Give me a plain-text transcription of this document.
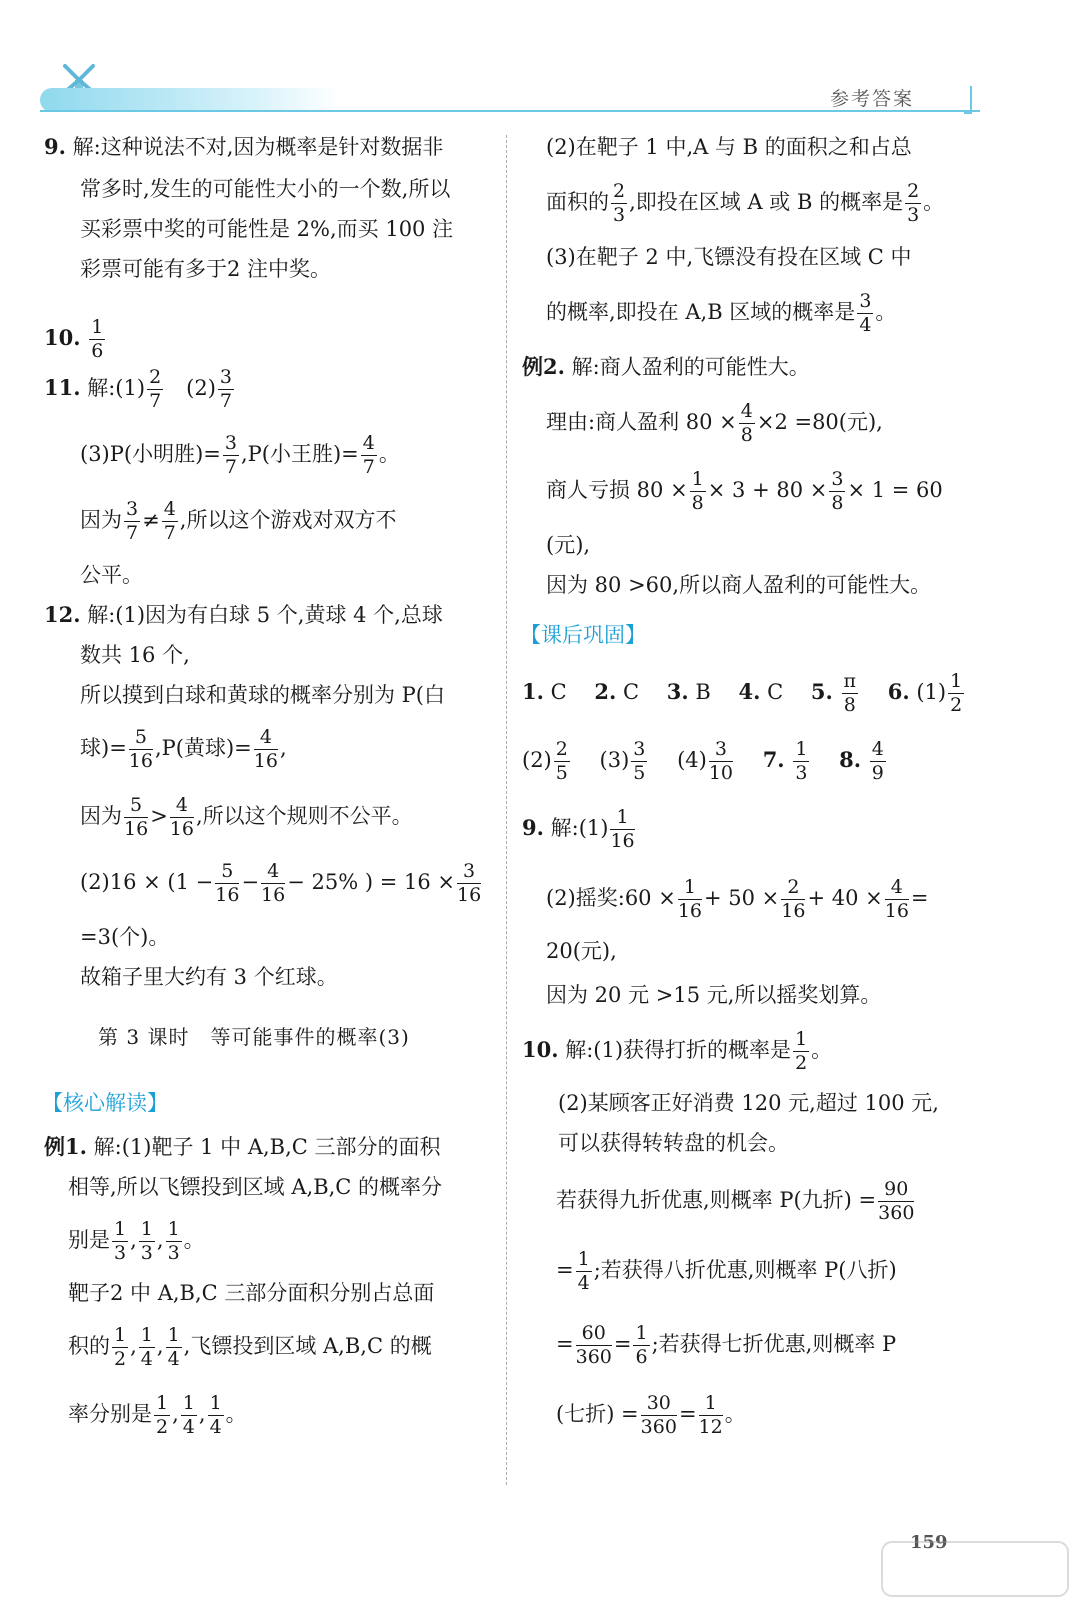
参考答案
9. 解:这种说法不对,因为概率是针对数据非
常多时,发生的可能性大小的一个数,所以
买彩票中奖的可能性是 2%,而买 100 注
彩票可能有多于2 注中奖。
10. $\frac{1}{6}$
11. 解:(1) $\frac{2}{7}$
　 $(2) \frac{3}{7}$
(3)P(小明胜)= $\frac{3}{7} ,P$(小王胜)= $\frac{4}{7}$ 。
因为 $\frac{3}{7} \ne \frac{4}{7}$ ,所以这个游戏对双方不
公平。
12. 解:(1)因为有白球 5 个,黄球 4 个,总球
数共 16 个,
所以摸到白球和黄球的概率分别为 P(白
球)= $\frac{5}{16} ,P$(黄球)= $\frac{4}{16}$ ,
因为 $\frac{5}{16} > \frac{4}{16}$ ,所以这个规则不公平。
$(2)16 \times (1 - \frac{5}{16} - \frac{4}{16} - 25\%$ ) = $16 \times \frac{3}{16}$
=3(个)。
故箱子里大约有 3 个红球。
第 3 课时　等可能事件的概率(3)
【核心解读】
例1. 解:(1)靶子 1 中 A,B,C 三部分的面积
相等,所以飞镖投到区域 A,B,C 的概率分
别是 $\frac{1}{3}$ , $\frac{1}{3}$ , $\frac{1}{3}$ 。
靶子2 中 A,B,C 三部分面积分别占总面
积的 $\frac{1}{2}$ , $\frac{1}{4}$ , $\frac{1}{4}$ ,飞镖投到区域 A,B,C 的概
率分别是 $\frac{1}{2}$ , $\frac{1}{4}$ , $\frac{1}{4}$ 。
(2)在靶子 1 中,A 与 B 的面积之和占总
面积的 $\frac{2}{3}$ ,即投在区域 A 或 B 的概率是 $\frac{2}{3}$ 。
(3)在靶子 2 中,飞镖没有投在区域 C 中
的概率,即投在 A,B 区域的概率是 $\frac{3}{4}$ 。
例2. 解:商人盈利的可能性大。
理由:商人盈利 $80 \times \frac{4}{8} \times 2 =80$(元),
商人亏损 $80 \times \frac{1}{8} \times 3 + 80 \times \frac{3}{8} \times 1 = 60$
(元),
因为 80 >60,所以商人盈利的可能性大。
【课后巩固】
1. C　 2. C　 3. B　 4. C　 5. $\frac{\pi}{8}$
　 6. $(1) \frac{1}{2}$
$(2) \frac{2}{5}$
　 $(3) \frac{3}{5}$
　 $(4) \frac{3}{10}$
　 7. $\frac{1}{3}$
　 8. $\frac{4}{9}$
9. 解:(1) $\frac{1}{16}$
(2)摇奖:60 × $\frac{1}{16} + 50 \times \frac{2}{16} + 40 \times \frac{4}{16}$ =
20(元),
因为 20 元 >15 元,所以摇奖划算。
10. 解:(1)获得打折的概率是 $\frac{1}{2}$ 。
(2)某顾客正好消费 120 元,超过 100 元,
可以获得转转盘的机会。
若获得九折优惠,则概率 P(九折) = $\frac{90}{360}$
= $\frac{1}{4}$ ;若获得八折优惠,则概率 P(八折)
= $\frac{60}{360} = \frac{1}{6}$ ;若获得七折优惠,则概率 P
(七折) = $\frac{30}{360} = \frac{1}{12}$ 。
159
